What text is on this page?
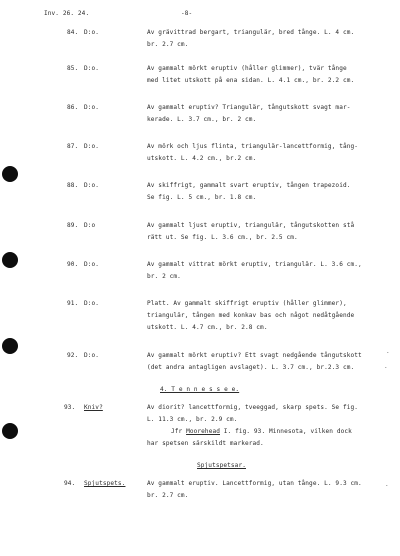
Inv. 26. 24.	-8-
84. D:o.	Av grävittrad bergart, triangulär, bred tånge. L. 4 cm.
br. 2.7 cm.
85. D:o.	Av gammalt mörkt eruptiv (håller glimmer), tvär tånge
med litet utskott på ena sidan. L. 4.1 cm., br. 2.2 cm.
86. D:o.	Av gammalt eruptiv? Triangulär, tångutskott svagt mar-
kerade. L. 3.7 cm., br. 2 cm.
87. D:o.	Av mörk och ljus flinta, triangulär-lancettformig, tång-
utskott. L. 4.2 cm., br.2 cm.
88. D:o.	Av skiffrigt, gammalt svart eruptiv, tången trapezoid.
Se fig. L. 5 cm., br. 1.8 cm.
89. D:o	Av gammalt ljust eruptiv, triangulär, tångutskotten stå
rätt ut. Se fig. L. 3.6 cm., br. 2.5 cm.
90. D:o.	Av gammalt vittrat mörkt eruptiv, triangulär. L. 3.6 cm.,
br. 2 cm.
91. D:o.	Platt. Av gammalt skiffrigt eruptiv (håller glimmer),
triangulär, tången med konkav bas och något nedåtgående
utskott. L. 4.7 cm., br. 2.8 cm.
92. D:o.	Av gammalt mörkt eruptiv? Ett svagt nedgående tångutskott
(det andra antagligen avslaget). L. 3.7 cm., br.2.3 cm.
.
.
4. T e n n e s s e e.
93. Kniv?	Av diorit? lancettformig, tveeggad, skarp spets. Se fig.
L. 11.3 cm., br. 2.9 cm.
Jfr Moorehead I. fig. 93. Minnesota, vilken dock
har spetsen särskildt markerad.
Spjutspetsar.
94. Spjutspets.	Av gammalt eruptiv. Lancettformig, utan tånge. L. 9.3 cm.
br. 2.7 cm.
.
